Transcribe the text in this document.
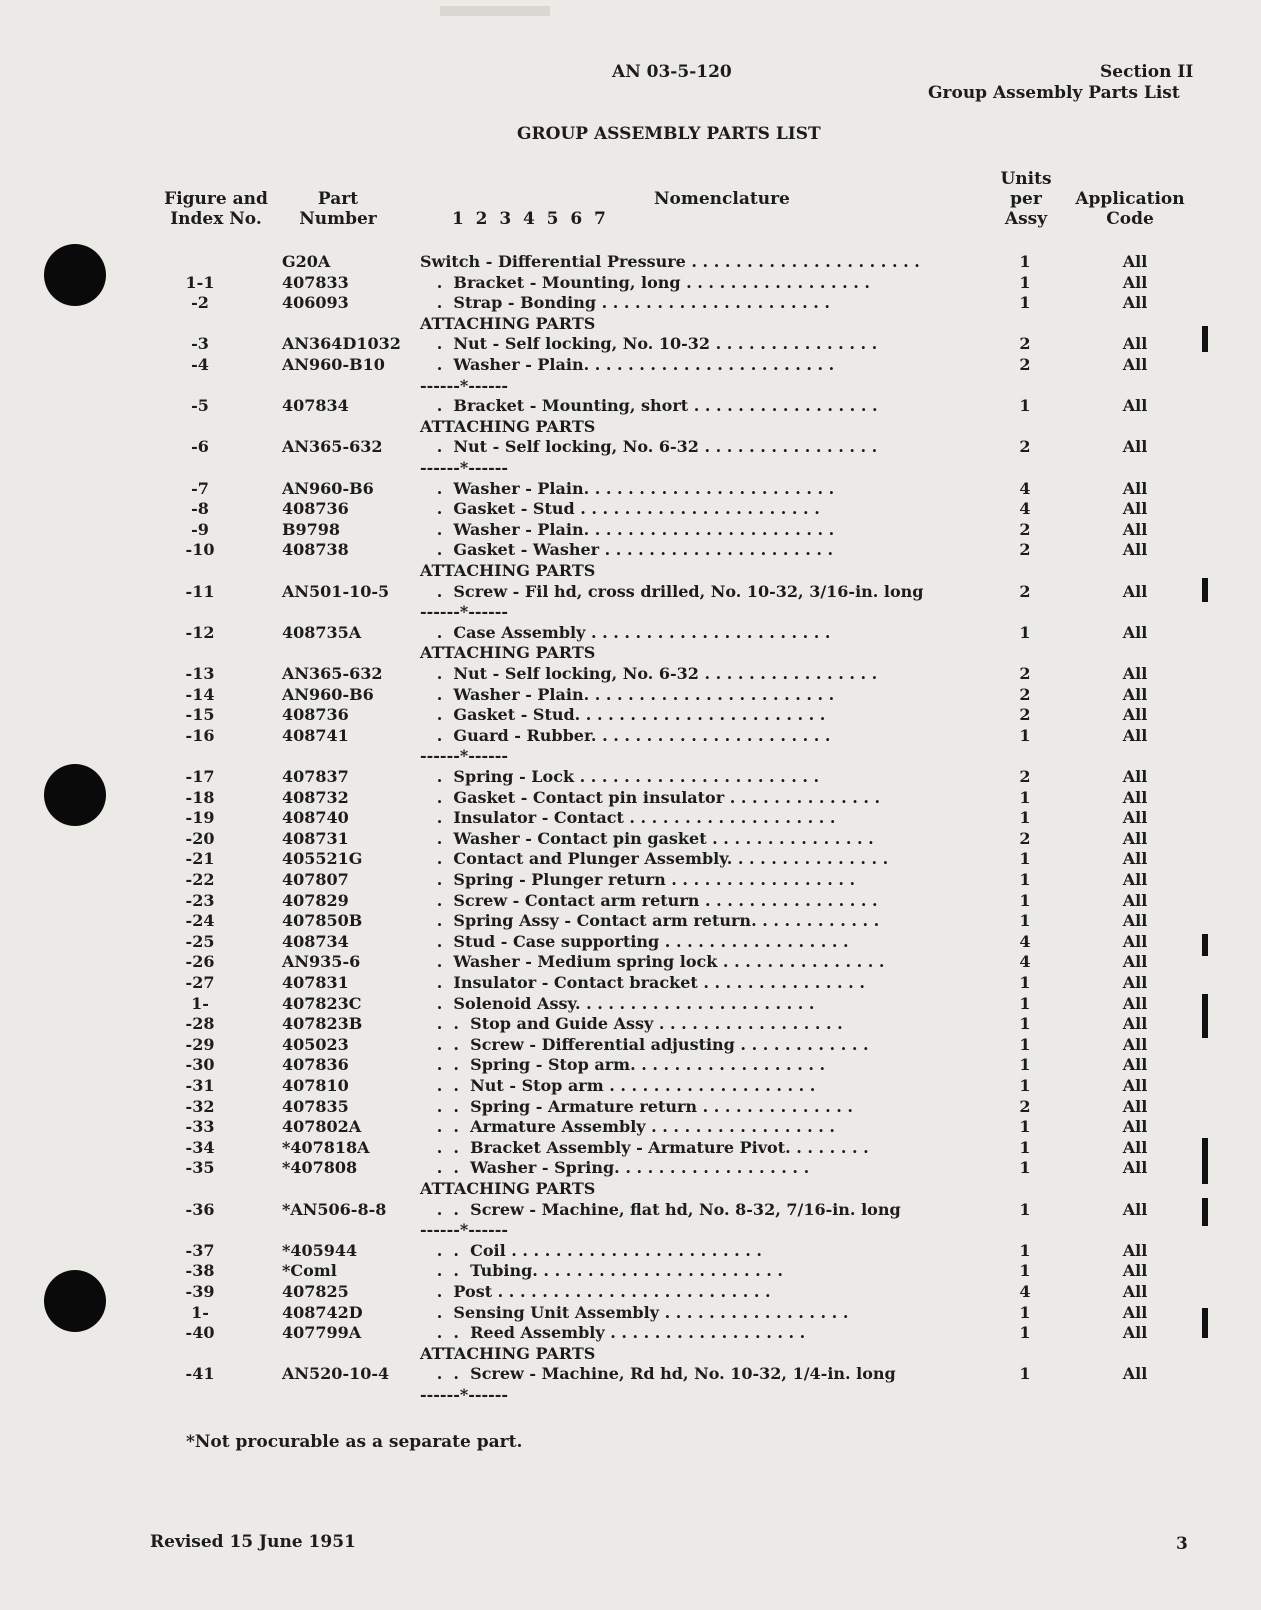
AN 03-5-120	Section II
Group Assembly Parts List
GROUP ASSEMBLY PARTS LIST
Figure and
Index No.
Part
Number
Nomenclature
1  2  3  4  5  6  7
Units
per
Assy
Application
Code
G20A	Switch - Differential Pressure . . . . . . . . . . . . . . . . . . . . .	1	All
1-1	407833	.  Bracket - Mounting, long . . . . . . . . . . . . . . . . .	1	All
-2	406093	.  Strap - Bonding . . . . . . . . . . . . . . . . . . . . .	1	All
ATTACHING PARTS
-3	AN364D1032 .  Nut - Self locking, No. 10-32 . . . . . . . . . . . . . . .	2	All
-4	AN960-B10 .  Washer - Plain. . . . . . . . . . . . . . . . . . . . . . .	2	All
------*------
-5	407834	.  Bracket - Mounting, short . . . . . . . . . . . . . . . . .	1	All
ATTACHING PARTS
-6	AN365-632 .  Nut - Self locking, No. 6-32 . . . . . . . . . . . . . . . .	2	All
------*------
-7	AN960-B6	.  Washer - Plain. . . . . . . . . . . . . . . . . . . . . . .	4	All
-8	408736	.  Gasket - Stud . . . . . . . . . . . . . . . . . . . . . .	4	All
-9	B9798	.  Washer - Plain. . . . . . . . . . . . . . . . . . . . . . .	2	All
-10	408738	.  Gasket - Washer . . . . . . . . . . . . . . . . . . . . .	2	All
ATTACHING PARTS
-11	AN501-10-5 .  Screw - Fil hd, cross drilled, No. 10-32, 3/16-in. long	2	All
------*------
-12	408735A	.  Case Assembly . . . . . . . . . . . . . . . . . . . . . .	1	All
ATTACHING PARTS
-13	AN365-632 .  Nut - Self locking, No. 6-32 . . . . . . . . . . . . . . . .	2	All
-14	AN960-B6	.  Washer - Plain. . . . . . . . . . . . . . . . . . . . . . .	2	All
-15	408736	.  Gasket - Stud. . . . . . . . . . . . . . . . . . . . . . .	2	All
-16	408741	.  Guard - Rubber. . . . . . . . . . . . . . . . . . . . . .	1	All
------*------
-17	407837	.  Spring - Lock . . . . . . . . . . . . . . . . . . . . . .	2	All
-18	408732	.  Gasket - Contact pin insulator . . . . . . . . . . . . . .	1	All
-19	408740	.  Insulator - Contact . . . . . . . . . . . . . . . . . . .	1	All
-20	408731	.  Washer - Contact pin gasket . . . . . . . . . . . . . . .	2	All
-21	405521G	.  Contact and Plunger Assembly. . . . . . . . . . . . . . .	1	All
-22	407807	.  Spring - Plunger return . . . . . . . . . . . . . . . . .	1	All
-23	407829	.  Screw - Contact arm return . . . . . . . . . . . . . . . .	1	All
-24	407850B	.  Spring Assy - Contact arm return. . . . . . . . . . . .	1	All
-25	408734	.  Stud - Case supporting . . . . . . . . . . . . . . . . .	4	All
-26	AN935-6	.  Washer - Medium spring lock . . . . . . . . . . . . . . .	4	All
-27	407831	.  Insulator - Contact bracket . . . . . . . . . . . . . . .	1	All
1-	407823C	.  Solenoid Assy. . . . . . . . . . . . . . . . . . . . . .	1	All
-28	407823B	.  .  Stop and Guide Assy . . . . . . . . . . . . . . . . .	1	All
-29	405023	.  .  Screw - Differential adjusting . . . . . . . . . . . .	1	All
-30	407836	.  .  Spring - Stop arm. . . . . . . . . . . . . . . . . .	1	All
-31	407810	.  .  Nut - Stop arm . . . . . . . . . . . . . . . . . . .	1	All
-32	407835	.  .  Spring - Armature return . . . . . . . . . . . . . .	2	All
-33	407802A	.  .  Armature Assembly . . . . . . . . . . . . . . . . .	1	All
-34	*407818A	.  .  Bracket Assembly - Armature Pivot. . . . . . . .	1	All
-35	*407808	.  .  Washer - Spring. . . . . . . . . . . . . . . . . .	1	All
ATTACHING PARTS
-36	*AN506-8-8 .  .  Screw - Machine, flat hd, No. 8-32, 7/16-in. long	1	All
------*------
-37	*405944	.  .  Coil . . . . . . . . . . . . . . . . . . . . . . .	1	All
-38	*Coml	.  .  Tubing. . . . . . . . . . . . . . . . . . . . . . .	1	All
-39	407825	.  Post . . . . . . . . . . . . . . . . . . . . . . . . .	4	All
1-	408742D	.  Sensing Unit Assembly . . . . . . . . . . . . . . . . .	1	All
-40	407799A	.  .  Reed Assembly . . . . . . . . . . . . . . . . . .	1	All
ATTACHING PARTS
-41	AN520-10-4 .  .  Screw - Machine, Rd hd, No. 10-32, 1/4-in. long	1	All
------*------
*Not procurable as a separate part.
Revised 15 June 1951	3
